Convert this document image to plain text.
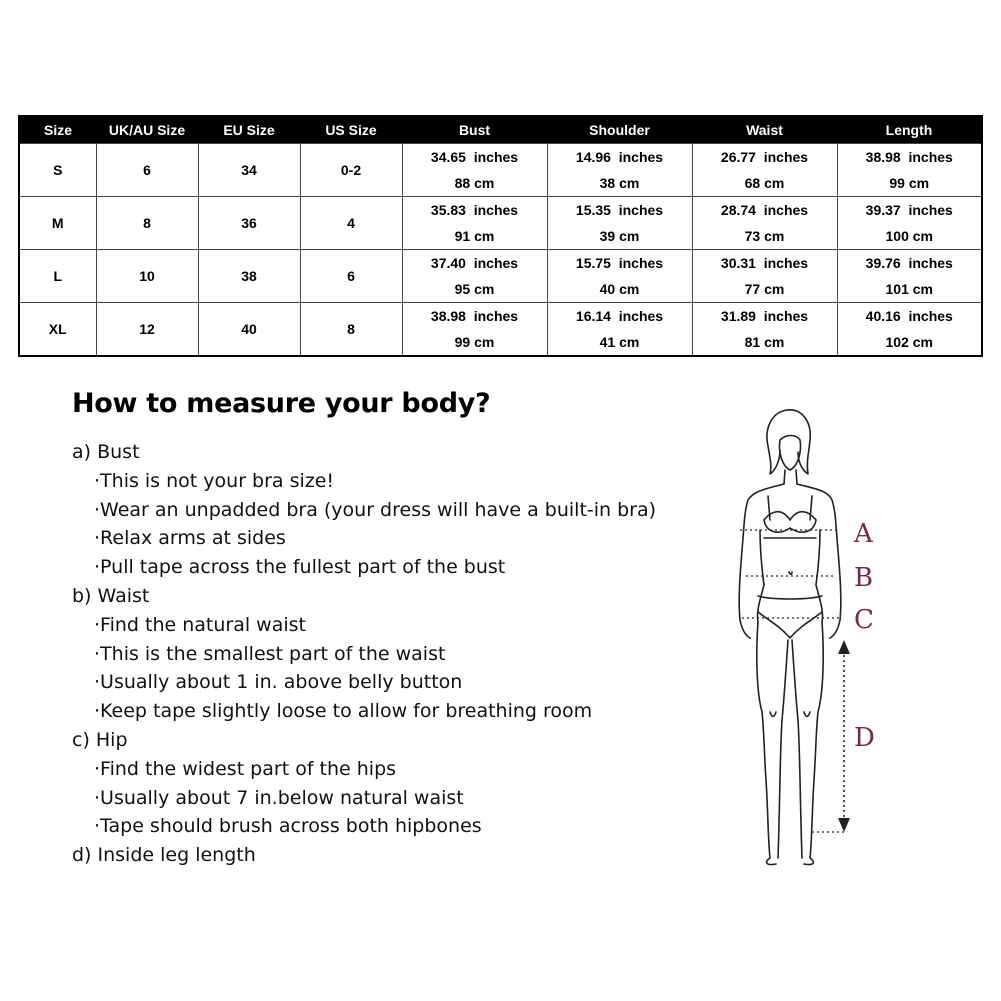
Size	UK/AU Size	EU Size	US Size	Bust	Shoulder	Waist	Length
S	6	34	0-2	34.65  inches	14.96  inches	26.77  inches	38.98  inches
				88 cm	38 cm	68 cm	99 cm
M	8	36	4	35.83  inches	15.35  inches	28.74  inches	39.37  inches
				91 cm	39 cm	73 cm	100 cm
L	10	38	6	37.40  inches	15.75  inches	30.31  inches	39.76  inches
				95 cm	40 cm	77 cm	101 cm
XL	12	40	8	38.98  inches	16.14  inches	31.89  inches	40.16  inches
				99 cm	41 cm	81 cm	102 cm
How to measure your body?
a) Bust
·This is not your bra size!
·Wear an unpadded bra (your dress will have a built-in bra)
·Relax arms at sides
·Pull tape across the fullest part of the bust
b) Waist
·Find the natural waist
·This is the smallest part of the waist
·Usually about 1 in. above belly button
·Keep tape slightly loose to allow for breathing room
c) Hip
·Find the widest part of the hips
·Usually about 7 in.below natural waist
·Tape should brush across both hipbones
d) Inside leg length
A
B
C
D
